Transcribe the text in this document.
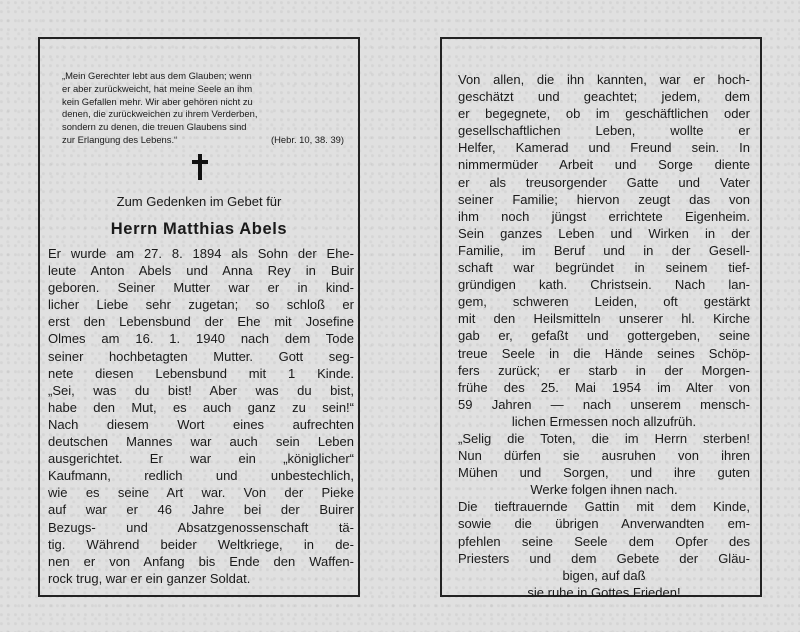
„Mein Gerechter lebt aus dem Glauben; wenn
er aber zurückweicht, hat meine Seele an ihm
kein Gefallen mehr. Wir aber gehören nicht zu
denen, die zurückweichen zu ihrem Verderben,
sondern zu denen, die treuen Glaubens sind
zur Erlangung des Lebens.“	(Hebr. 10, 38. 39)
Zum Gedenken im Gebet für
Herrn Matthias Abels
Er wurde am 27. 8. 1894 als Sohn der Ehe-
leute Anton Abels und Anna Rey in Buir
geboren. Seiner Mutter war er in kind-
licher Liebe sehr zugetan; so schloß er
erst den Lebensbund der Ehe mit Josefine
Olmes am 16. 1. 1940 nach dem Tode
seiner hochbetagten Mutter. Gott seg-
nete diesen Lebensbund mit 1 Kinde.
„Sei, was du bist! Aber was du bist,
habe den Mut, es auch ganz zu sein!“
Nach diesem Wort eines aufrechten
deutschen Mannes war auch sein Leben
ausgerichtet. Er war ein „königlicher“
Kaufmann, redlich und unbestechlich,
wie es seine Art war. Von der Pieke
auf war er 46 Jahre bei der Buirer
Bezugs- und Absatzgenossenschaft tä-
tig. Während beider Weltkriege, in de-
nen er von Anfang bis Ende den Waffen-
rock trug, war er ein ganzer Soldat.
Von allen, die ihn kannten, war er hoch-
geschätzt und geachtet; jedem, dem
er begegnete, ob im geschäftlichen oder
gesellschaftlichen Leben, wollte er
Helfer, Kamerad und Freund sein. In
nimmermüder Arbeit und Sorge diente
er als treusorgender Gatte und Vater
seiner Familie; hiervon zeugt das von
ihm noch jüngst errichtete Eigenheim.
Sein ganzes Leben und Wirken in der
Familie, im Beruf und in der Gesell-
schaft war begründet in seinem tief-
gründigen kath. Christsein. Nach lan-
gem, schweren Leiden, oft gestärkt
mit den Heilsmitteln unserer hl. Kirche
gab er, gefaßt und gottergeben, seine
treue Seele in die Hände seines Schöp-
fers zurück; er starb in der Morgen-
frühe des 25. Mai 1954 im Alter von
59 Jahren — nach unserem mensch-
lichen Ermessen noch allzufrüh.
„Selig die Toten, die im Herrn sterben!
Nun dürfen sie ausruhen von ihren
Mühen und Sorgen, und ihre guten
Werke folgen ihnen nach.
Die tieftrauernde Gattin mit dem Kinde,
sowie die übrigen Anverwandten em-
pfehlen seine Seele dem Opfer des
Priesters und dem Gebete der Gläu-
bigen, auf daß
sie ruhe in Gottes Frieden!
